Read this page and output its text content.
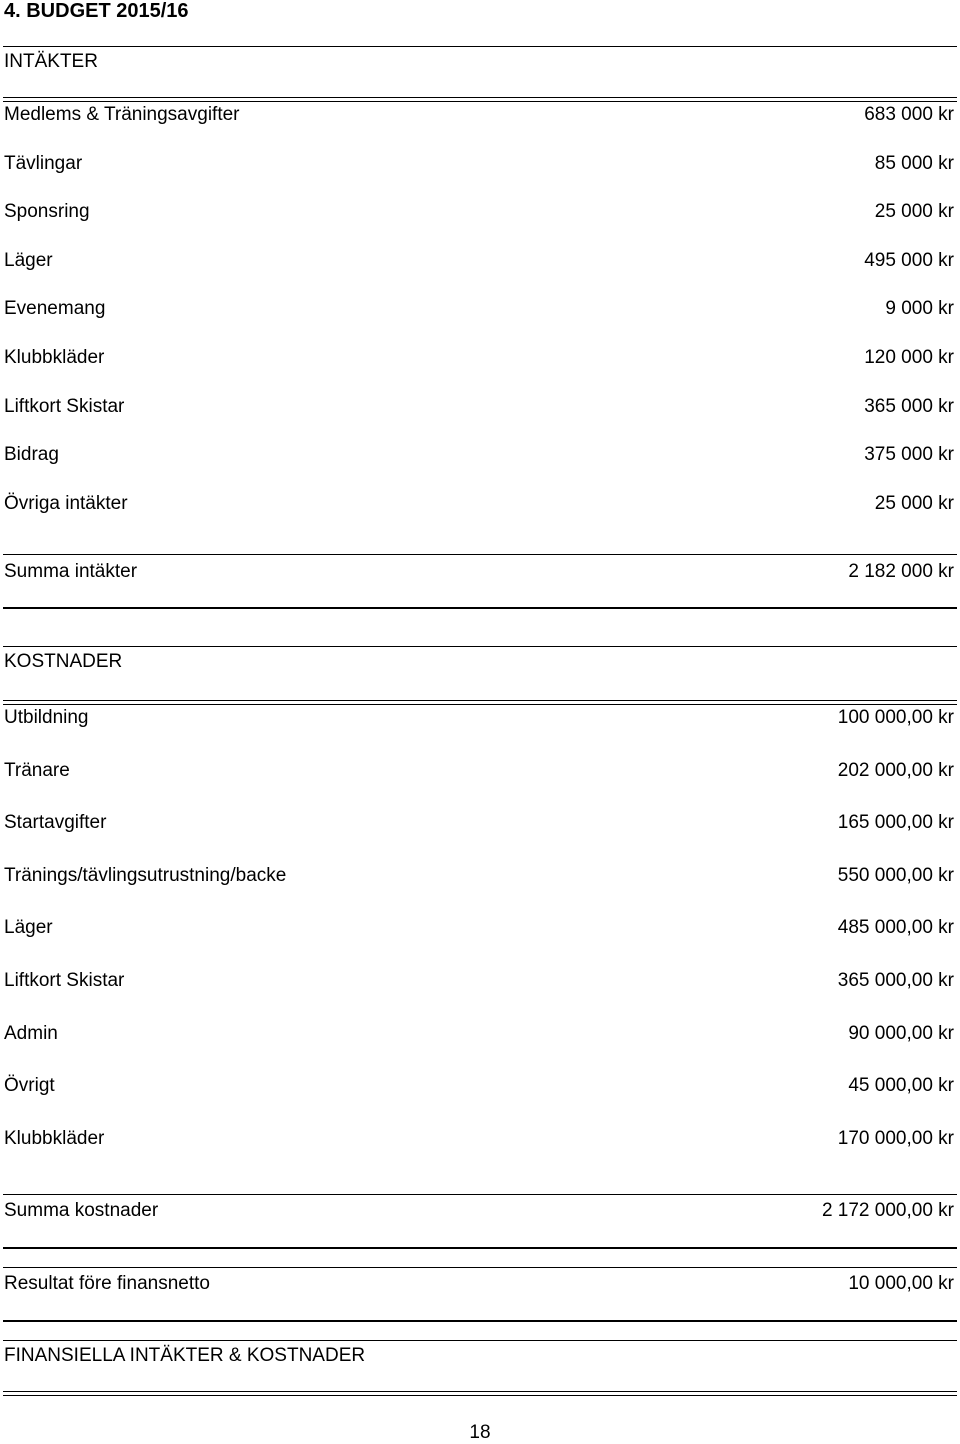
4. BUDGET 2015/16
INTÄKTER
Medlems & Träningsavgifter	683 000 kr
Tävlingar	85 000 kr
Sponsring	25 000 kr
Läger	495 000 kr
Evenemang	9 000 kr
Klubbkläder	120 000 kr
Liftkort Skistar	365 000 kr
Bidrag	375 000 kr
Övriga intäkter	25 000 kr
Summa intäkter	2 182 000 kr
KOSTNADER
Utbildning	100 000,00 kr
Tränare	202 000,00 kr
Startavgifter	165 000,00 kr
Tränings/tävlingsutrustning/backe	550 000,00 kr
Läger	485 000,00 kr
Liftkort Skistar	365 000,00 kr
Admin	90 000,00 kr
Övrigt	45 000,00 kr
Klubbkläder	170 000,00 kr
Summa kostnader	2 172 000,00 kr
Resultat före finansnetto	10 000,00 kr
FINANSIELLA INTÄKTER & KOSTNADER
18
